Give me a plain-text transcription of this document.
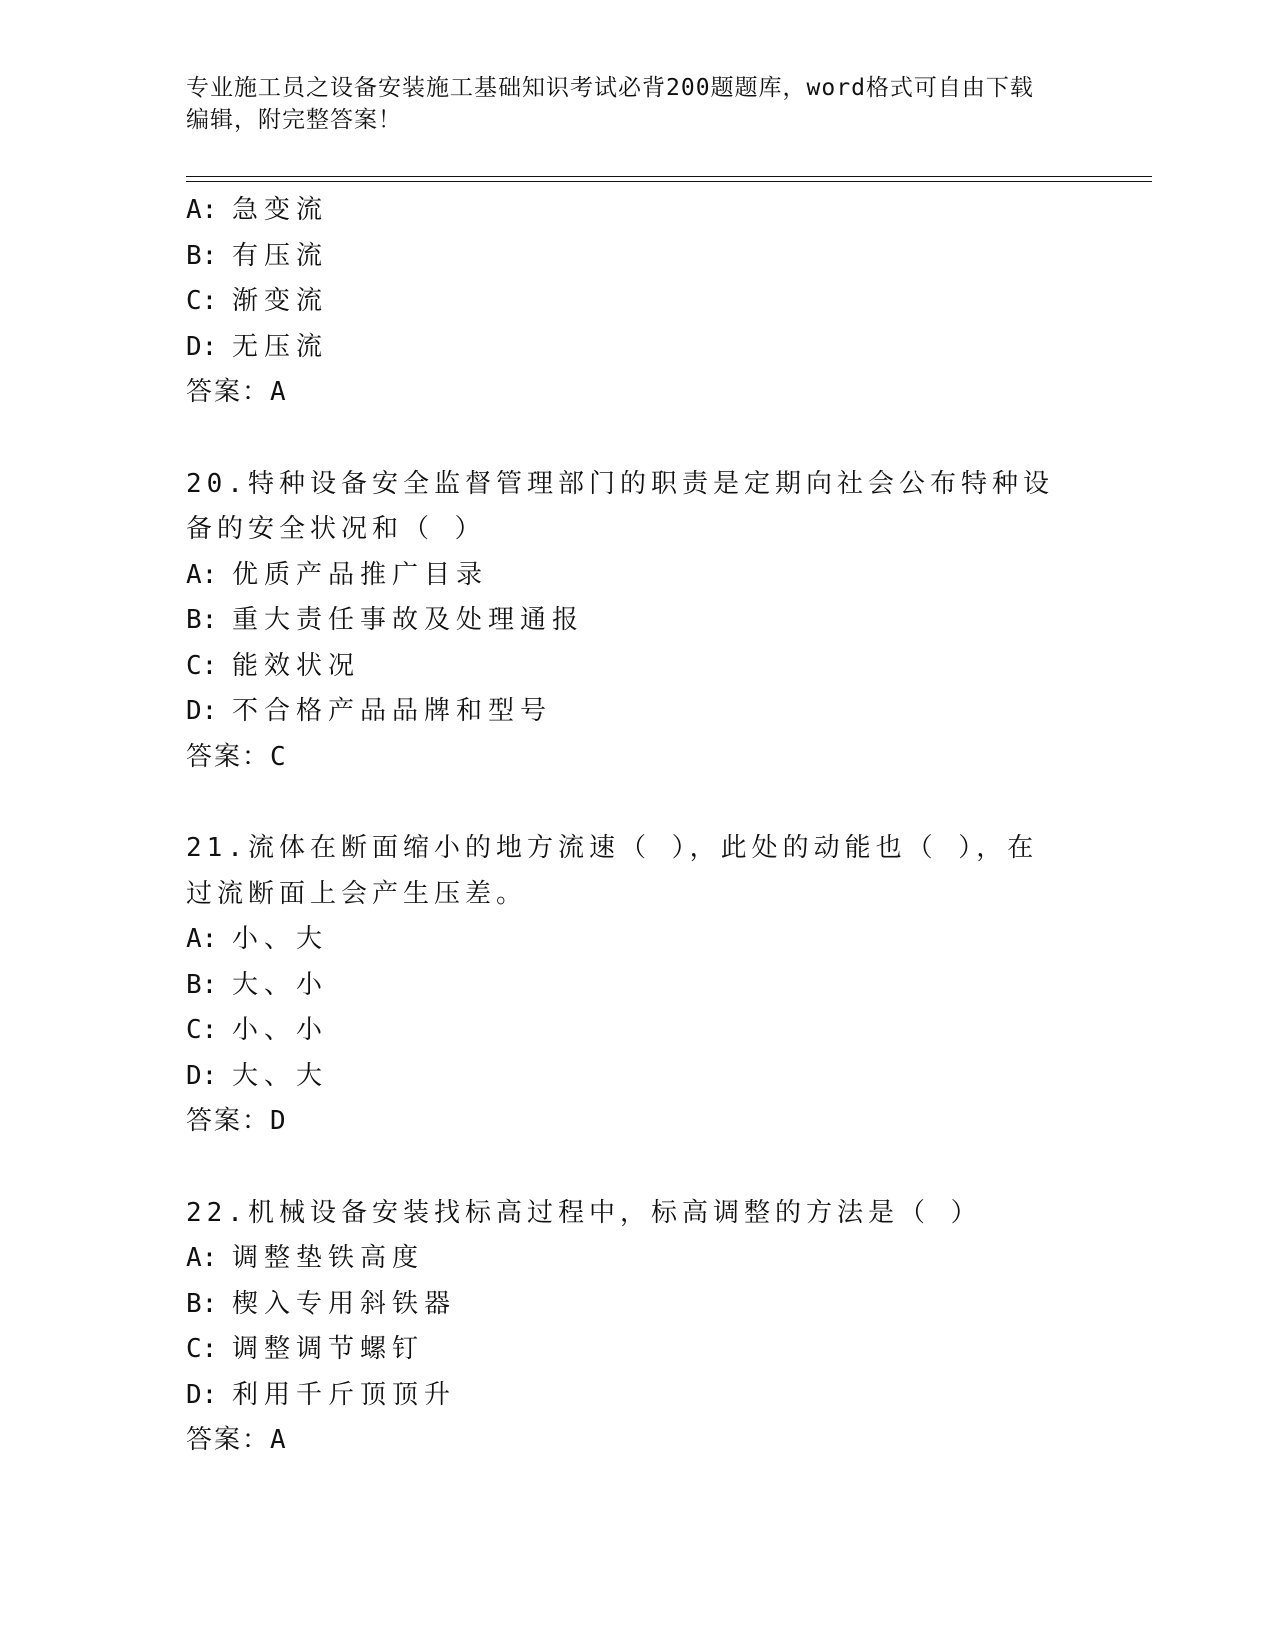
专业施工员之设备安装施工基础知识考试必背200题题库，word格式可自由下载
编辑，附完整答案！
A: 急变流
B: 有压流
C: 渐变流
D: 无压流
答案：A
20.特种设备安全监督管理部门的职责是定期向社会公布特种设备的安全状况和（ ）
A: 优质产品推广目录
B: 重大责任事故及处理通报
C: 能效状况
D: 不合格产品品牌和型号
答案：C
21.流体在断面缩小的地方流速（ ），此处的动能也（ ），在过流断面上会产生压差。
A: 小、大
B: 大、小
C: 小、小
D: 大、大
答案：D
22.机械设备安装找标高过程中，标高调整的方法是（ ）
A: 调整垫铁高度
B: 楔入专用斜铁器
C: 调整调节螺钉
D: 利用千斤顶顶升
答案：A
